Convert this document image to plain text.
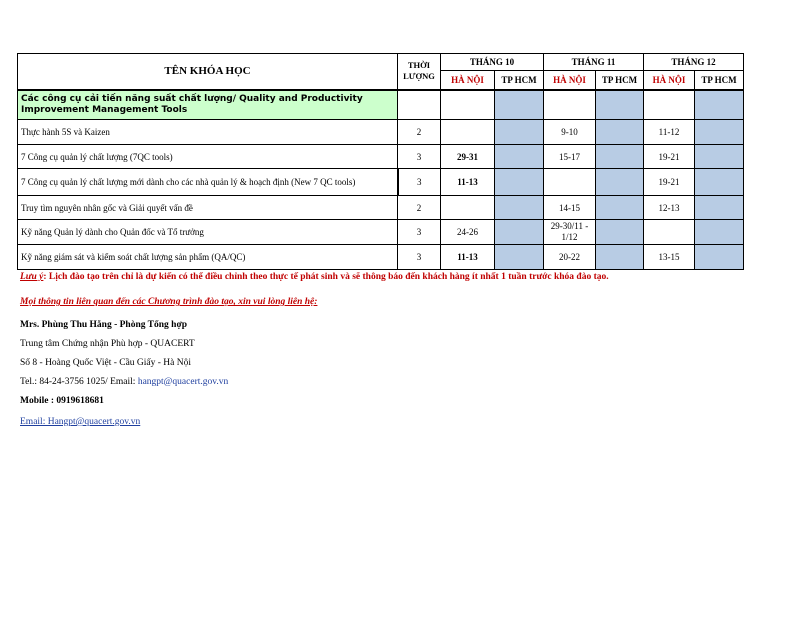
TÊN KHÓA HỌC	THỜI
LƯỢNG	THÁNG 10		THÁNG 11		THÁNG 12	
		HÀ NỘI	TP HCM	HÀ NỘI	TP HCM	HÀ NỘI	TP HCM
Các công cụ cải tiến năng suất chất lượng/ Quality and Productivity Improvement Management Tools							
Thực hành 5S và Kaizen	2			9-10		11-12	
7 Công cụ quản lý chất lượng (7QC tools)	3	29-31		15-17		19-21	
7 Công cụ quản lý chất lượng mới dành cho các nhà quản lý & hoạch định (New 7 QC tools)	3	11-13				19-21	
Truy tìm nguyên nhân gốc và Giải quyết vấn đề	2			14-15		12-13	
Kỹ năng Quản lý dành cho Quản đốc và Tổ trưởng	3	24-26		29-30/11 - 1/12			
Kỹ năng giám sát và kiểm soát chất lượng sản phẩm (QA/QC)	3	11-13		20-22		13-15	
Lưu ý: Lịch đào tạo trên chỉ là dự kiến có thể điều chỉnh theo thực tế phát sinh và sẽ thông báo đến khách hàng ít nhất 1 tuần trước khóa đào tạo.
Mọi thông tin liên quan đến các Chương trình đào tạo, xin vui lòng liên hệ:
Mrs. Phùng Thu Hằng - Phòng Tổng hợp
Trung tâm Chứng nhận Phù hợp - QUACERT
Số 8 - Hoàng Quốc Việt - Cầu Giấy - Hà Nội
Tel.: 84-24-3756 1025/ Email: hangpt@quacert.gov.vn
Mobile : 0919618681
Email: Hangpt@quacert.gov.vn
